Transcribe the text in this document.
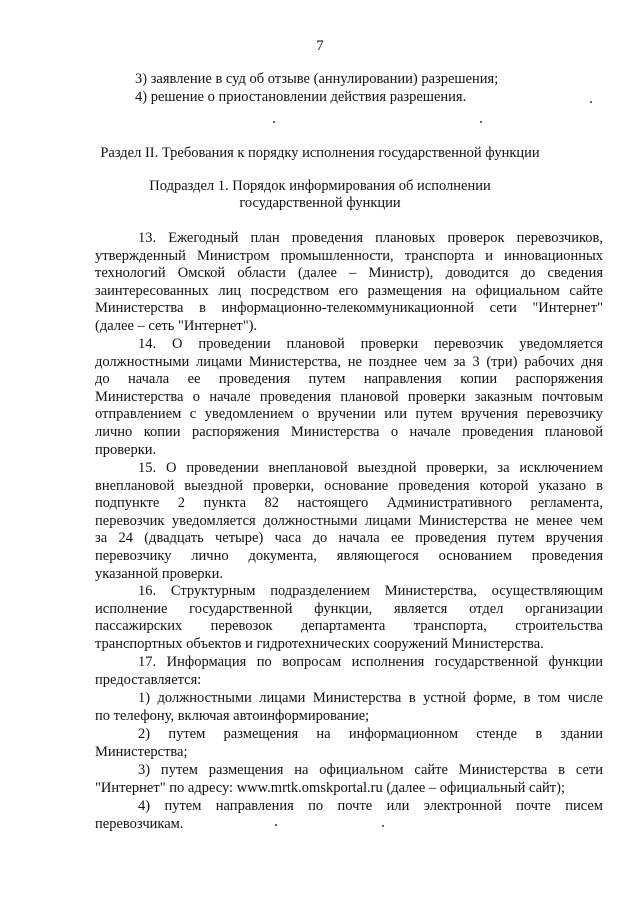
7
3) заявление в суд об отзыве (аннулировании) разрешения;
4) решение о приостановлении действия разрешения.
Раздел II. Требования к порядку исполнения государственной функции
Подраздел 1. Порядок информирования об исполнении
государственной функции
13. Ежегодный план проведения плановых проверок перевозчиков,
утвержденный Министром промышленности, транспорта и инновационных
технологий Омской области (далее – Министр), доводится до сведения
заинтересованных лиц посредством его размещения на официальном сайте
Министерства в информационно-телекоммуникационной сети "Интернет"
(далее – сеть "Интернет").
14. О проведении плановой проверки перевозчик уведомляется
должностными лицами Министерства, не позднее чем за 3 (три) рабочих дня
до начала ее проведения путем направления копии распоряжения
Министерства о начале проведения плановой проверки заказным почтовым
отправлением с уведомлением о вручении или путем вручения перевозчику
лично копии распоряжения Министерства о начале проведения плановой
проверки.
15. О проведении внеплановой выездной проверки, за исключением
внеплановой выездной проверки, основание проведения которой указано в
подпункте 2 пункта 82 настоящего Административного регламента,
перевозчик уведомляется должностными лицами Министерства не менее чем
за 24 (двадцать четыре) часа до начала ее проведения путем вручения
перевозчику лично документа, являющегося основанием проведения
указанной проверки.
16. Структурным подразделением Министерства, осуществляющим
исполнение государственной функции, является отдел организации
пассажирских перевозок департамента транспорта, строительства
транспортных объектов и гидротехнических сооружений Министерства.
17. Информация по вопросам исполнения государственной функции
предоставляется:
1) должностными лицами Министерства в устной форме, в том числе
по телефону, включая автоинформирование;
2) путем размещения на информационном стенде в здании
Министерства;
3) путем размещения на официальном сайте Министерства в сети
"Интернет" по адресу: www.mrtk.omskportal.ru (далее – официальный сайт);
4) путем направления по почте или электронной почте писем
перевозчикам.
